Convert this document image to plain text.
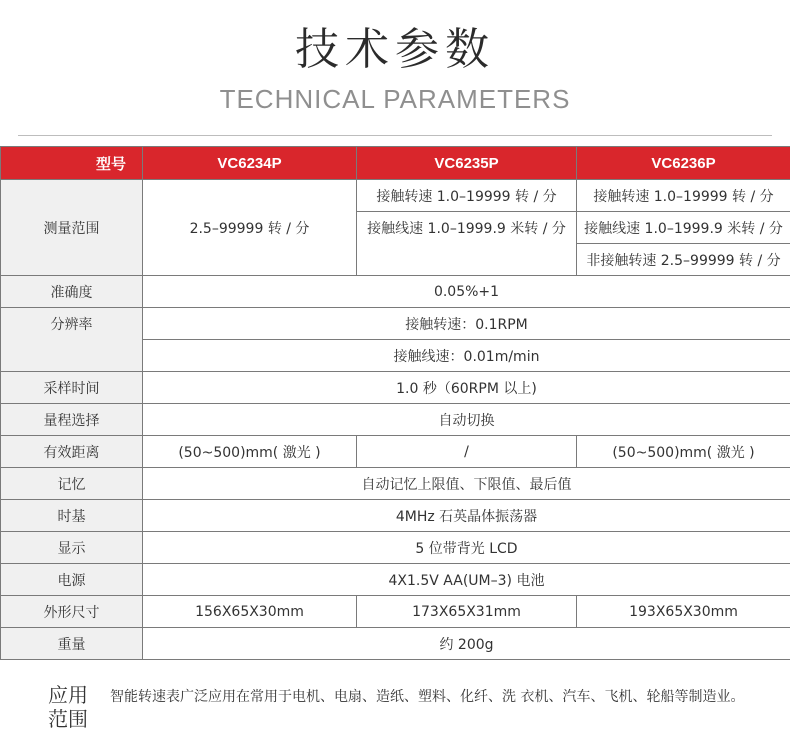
技术参数
TECHNICAL PARAMETERS
型号	VC6234P	VC6235P	VC6236P
测量范围	2.5–99999 转 / 分	接触转速 1.0–19999 转 / 分	接触转速 1.0–19999 转 / 分
		接触线速 1.0–1999.9 米转 / 分	接触线速 1.0–1999.9 米转 / 分
			非接触转速 2.5–99999 转 / 分
准确度	0.05%+1		
分辨率	接触转速：0.1RPM		
	接触线速：0.01m/min		
采样时间	1.0 秒（60RPM 以上)		
量程选择	自动切换		
有效距离	(50~500)mm( 激光 )	/	(50~500)mm( 激光 )
记忆	自动记忆上限值、下限值、最后值		
时基	4MHz 石英晶体振荡器		
显示	5 位带背光 LCD		
电源	4X1.5V AA(UM–3) 电池		
外形尺寸	156X65X30mm	173X65X31mm	193X65X30mm
重量	约 200g		
应用
范围
智能转速表广泛应用在常用于电机、电扇、造纸、塑料、化纤、洗 衣机、汽车、飞机、轮船等制造业。
